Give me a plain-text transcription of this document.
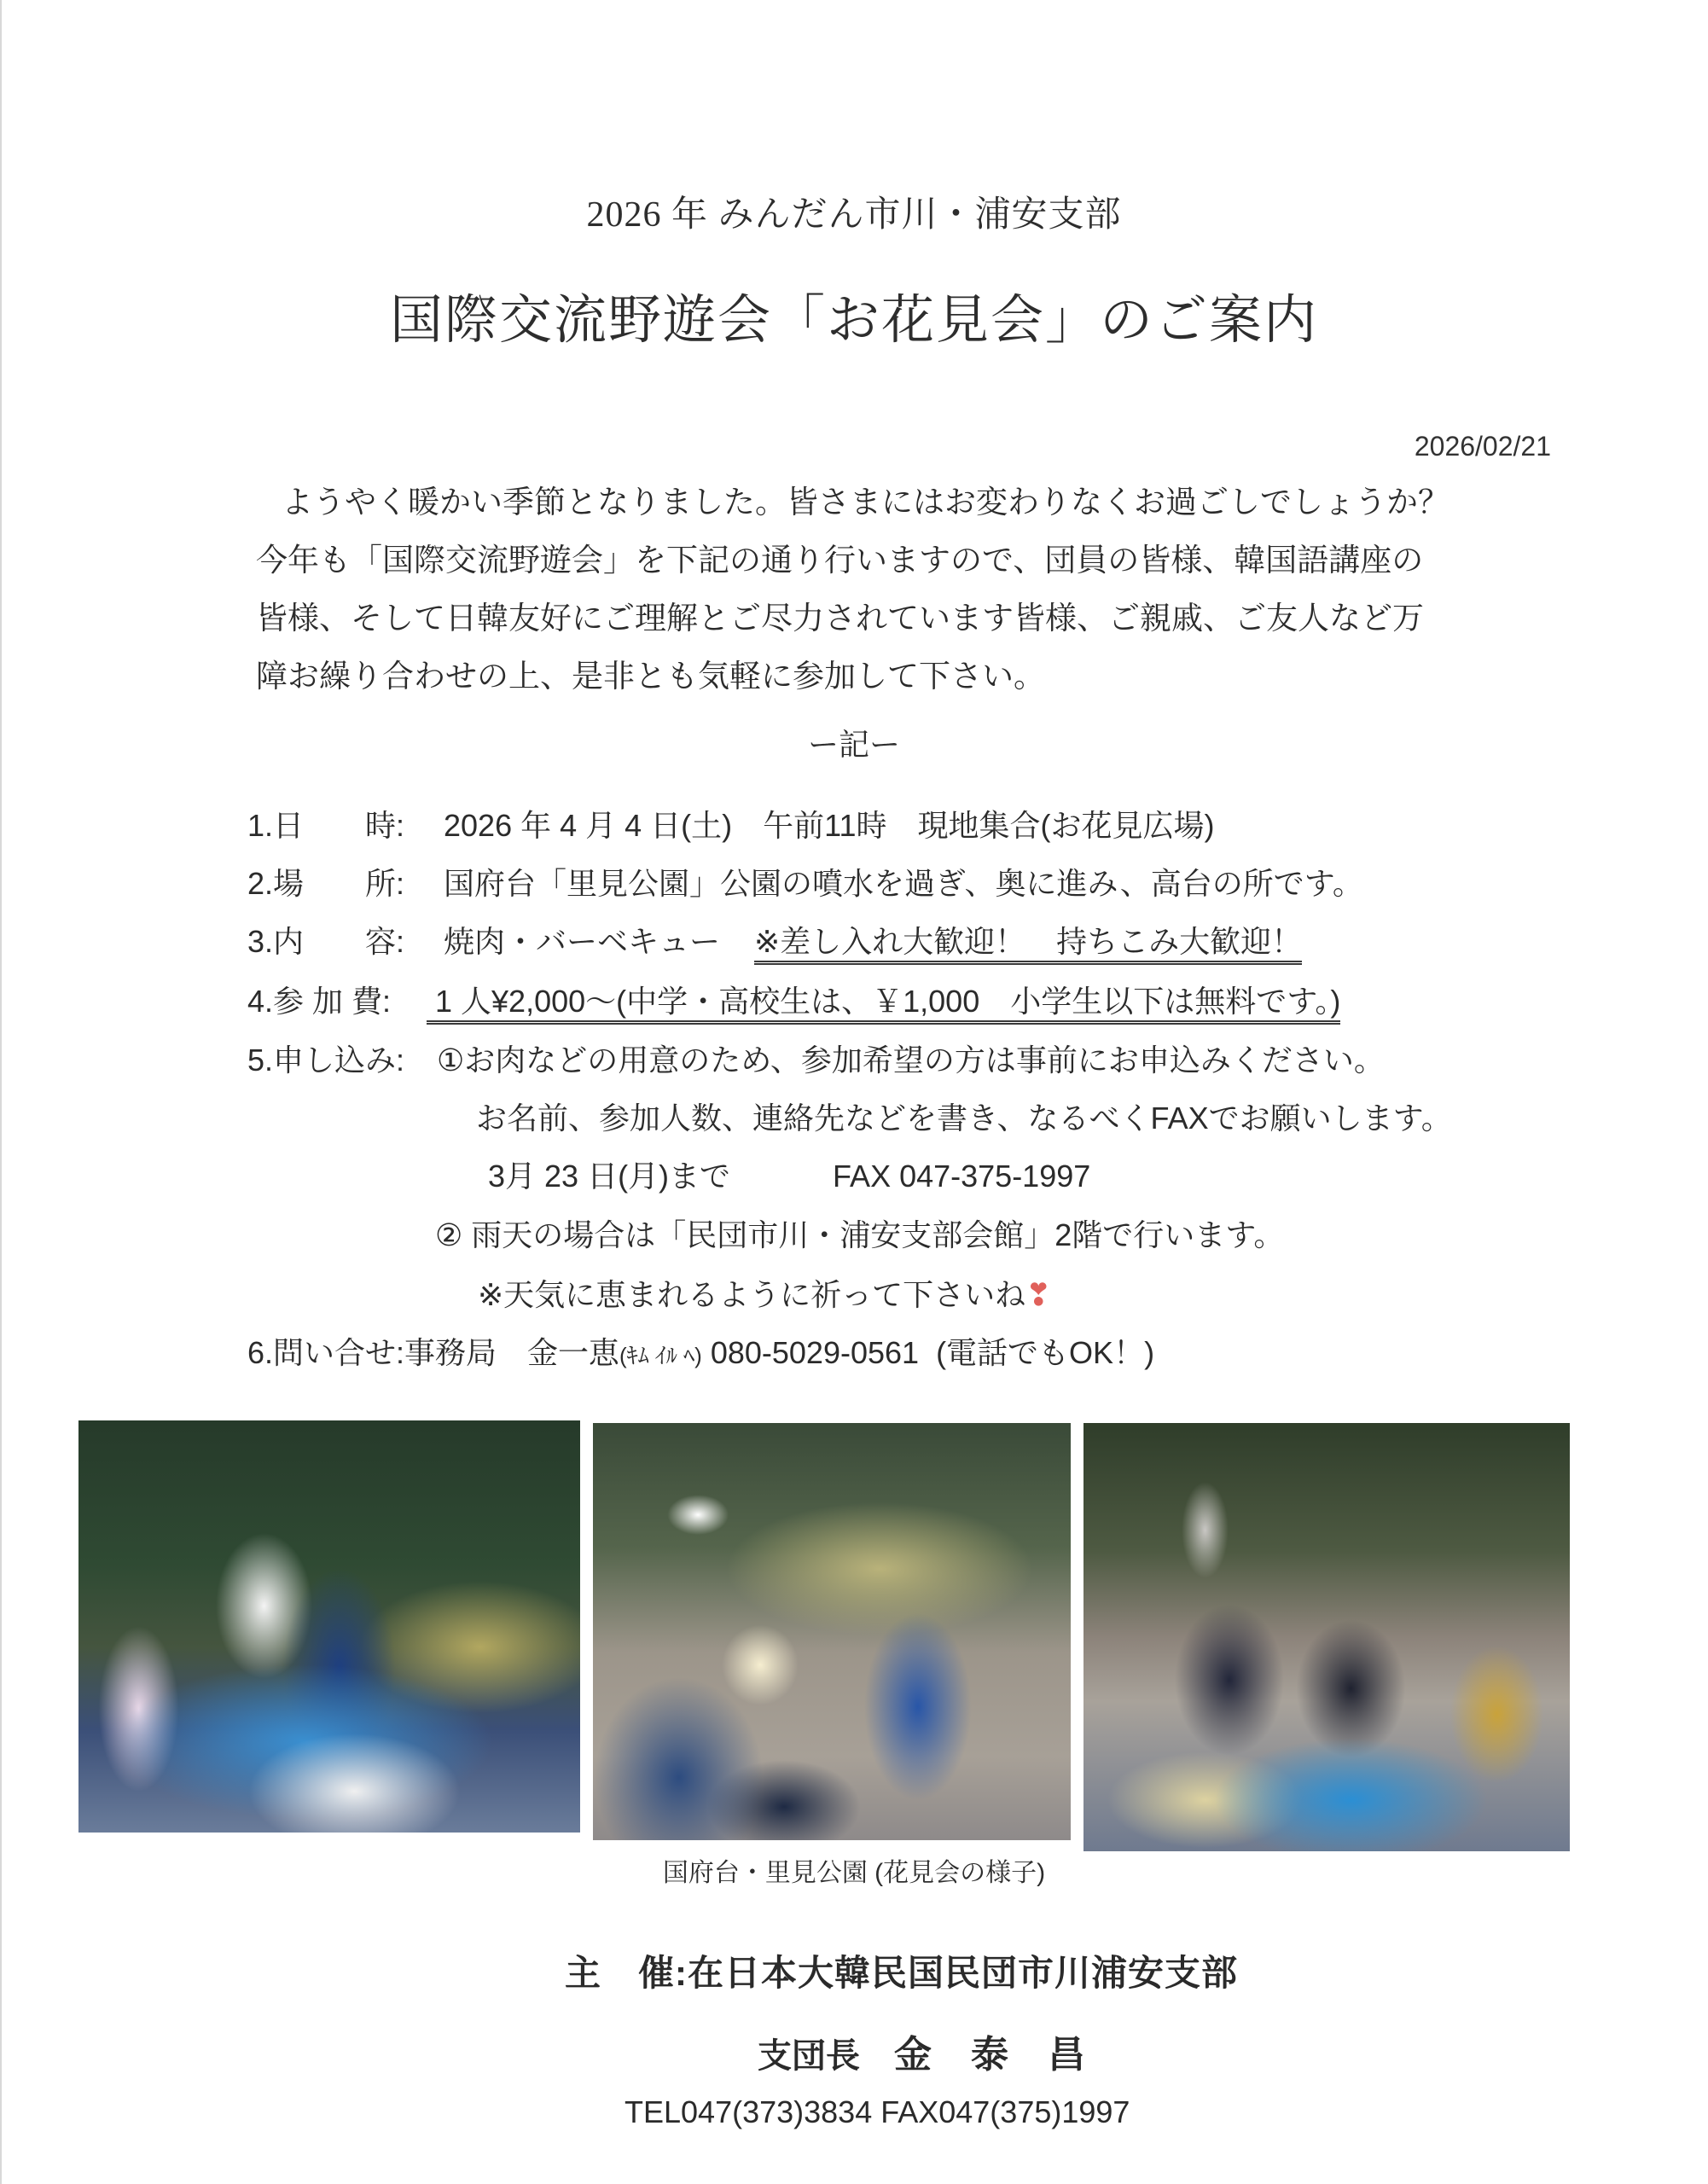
2026 年 みんだん市川・浦安支部
国際交流野遊会「お花見会」のご案内
2026/02/21
ようやく暖かい季節となりました。皆さまにはお変わりなくお過ごしでしょうか？
今年も「国際交流野遊会」を下記の通り行いますので、団員の皆様、韓国語講座の
皆様、そして日韓友好にご理解とご尽力されています皆様、ご親戚、ご友人など万
障お繰り合わせの上、是非とも気軽に参加して下さい。
ー記ー
1.日　　時: 2026 年 4 月 4 日(土)　午前11時　現地集合(お花見広場)
2.場　　所: 国府台「里見公園」公園の噴水を過ぎ、奥に進み、高台の所です。
3.内　　容: 焼肉・バーベキュー ※差し入れ大歓迎！　持ちこみ大歓迎！
4.参 加 費: 1 人¥2,000～(中学・高校生は、￥1,000　小学生以下は無料です。)
5.申し込み: ①お肉などの用意のため、参加希望の方は事前にお申込みください。
お名前、参加人数、連絡先などを書き、なるべくFAXでお願いします。
3月 23 日(月)まで	FAX 047-375-1997
② 雨天の場合は「民団市川・浦安支部会館」2階で行います。
※天気に恵まれるように祈って下さいね❣
6.問い合せ:事務局　金一恵(ｷﾑ ｲﾙ ﾍ) 080-5029-0561 (電話でもOK！)
国府台・里見公園 (花見会の様子)
主　催:在日本大韓民国民団市川浦安支部
支団長 金泰昌
TEL047(373)3834 FAX047(375)1997
